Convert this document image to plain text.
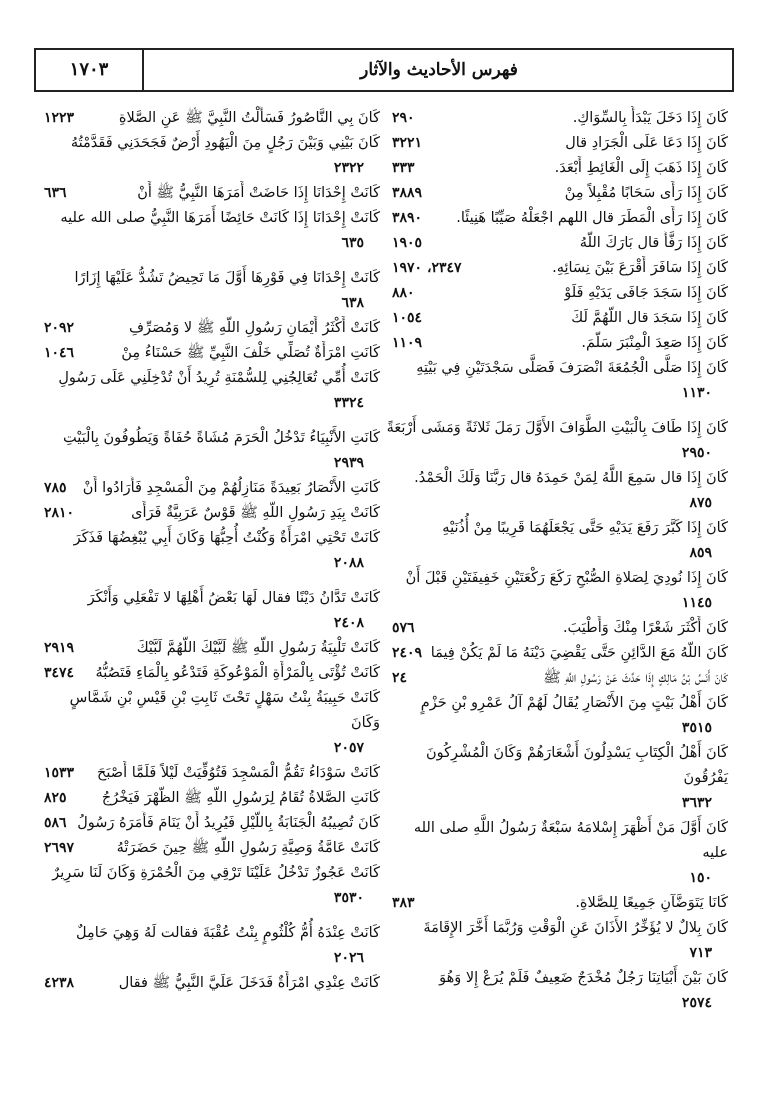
فهرس الأحاديث والآثار
١٧٠٣
كَانَ إِذَا دَخَلَ يَبْدَأُ بِالسِّوَاكِ.
٢٩٠
كَانَ إِذَا دَعَا عَلَى الْجَرَادِ قال
٣٢٢١
كَانَ إِذَا ذَهَبَ إِلَى الْغَائِطِ أَبْعَدَ.
٣٣٣
كَانَ إِذَا رَأَى سَحَابًا مُقْبِلاً مِنْ
٣٨٨٩
كَانَ إِذَا رَأَى الْمَطَرَ قال اللهم اجْعَلْهُ صَيِّبًا هَنِيئًا.
٣٨٩٠
كَانَ إِذَا رَفَّأَ قال بَارَكَ اللَّهُ
١٩٠٥
كَانَ إِذَا سَافَرَ أَقْرَعَ بَيْنَ نِسَائِهِ.
٢٣٤٧، ١٩٧٠
كَانَ إِذَا سَجَدَ جَافَى يَدَيْهِ فَلَوْ
٨٨٠
كَانَ إِذَا سَجَدَ قال اللَّهُمَّ لَكَ
١٠٥٤
كَانَ إِذَا صَعِدَ الْمِنْبَرَ سَلَّمَ.
١١٠٩
كَانَ إِذَا صَلَّى الْجُمُعَةَ انْصَرَفَ فَصَلَّى سَجْدَتَيْنِ فِي بَيْتِهِ
١١٣٠
كَانَ إِذَا طَافَ بِالْبَيْتِ الطَّوَافَ الأَوَّلَ رَمَلَ ثَلاثَةً وَمَشَى أَرْبَعَةً
٢٩٥٠
كَانَ إِذَا قال سَمِعَ اللَّهُ لِمَنْ حَمِدَهُ قال رَبَّنَا وَلَكَ الْحَمْدُ.
٨٧٥
كَانَ إِذَا كَبَّرَ رَفَعَ يَدَيْهِ حَتَّى يَجْعَلَهُمَا قَرِيبًا مِنْ أُذُنَيْهِ
٨٥٩
كَانَ إِذَا نُودِيَ لِصَلاةِ الصُّبْحِ رَكَعَ رَكْعَتَيْنِ خَفِيفَتَيْنِ قَبْلَ أَنْ
١١٤٥
كَانَ أَكْثَرَ شَعْرًا مِنْكَ وَأَطْيَبَ.
٥٧٦
كَانَ اللَّهُ مَعَ الدَّائِنِ حَتَّى يَقْضِيَ دَيْنَهُ مَا لَمْ يَكُنْ فِيمَا
٢٤٠٩
كَانَ أَنَسُ بْنُ مَالِكٍ إِذَا حَدَّثَ عَنْ رَسُولِ اللَّهِ ﷺ
٢٤
كَانَ أَهْلُ بَيْتٍ مِنَ الأَنْصَارِ يُقَالُ لَهُمْ آلُ عَمْرِو بْنِ حَزْمٍ
٣٥١٥
كَانَ أَهْلُ الْكِتَابِ يَسْدِلُونَ أَشْعَارَهُمْ وَكَانَ الْمُشْرِكُونَ يَفْرُقُونَ
٣٦٣٢
كَانَ أَوَّلَ مَنْ أَظْهَرَ إِسْلامَهُ سَبْعَةٌ رَسُولُ اللَّهِ صلى الله عليه
١٥٠
كَانَا يَتَوَضَّآنِ جَمِيعًا لِلصَّلاةِ.
٣٨٣
كَانَ بِلالٌ لا يُؤَخِّرُ الأَذَانَ عَنِ الْوَقْتِ وَرُبَّمَا أَخَّرَ الإِقَامَةَ
٧١٣
كَانَ بَيْنَ أَبْيَاتِنَا رَجُلٌ مُخْدَجٌ ضَعِيفٌ فَلَمْ يُرَعْ إِلا وَهُوَ
٢٥٧٤
كَانَ بِي النَّاصُورُ فَسَأَلْتُ النَّبِيَّ ﷺ عَنِ الصَّلاةِ
١٢٢٣
كَانَ بَيْنِي وَبَيْنَ رَجُلٍ مِنَ الْيَهُودِ أَرْضٌ فَجَحَدَنِي فَقَدَّمْتُهُ
٢٣٢٢
كَانَتْ إِحْدَانَا إِذَا حَاضَتْ أَمَرَهَا النَّبِيُّ ﷺ أَنْ
٦٣٦
كَانَتْ إِحْدَانَا إِذَا كَانَتْ حَائِضًا أَمَرَهَا النَّبِيُّ صلى الله عليه
٦٣٥
كَانَتْ إِحْدَانَا فِي فَوْرِهَا أَوَّلَ مَا تَحِيضُ تَشُدُّ عَلَيْهَا إِزَارًا
٦٣٨
كَانَتْ أَكْثَرُ أَيْمَانِ رَسُولِ اللَّهِ ﷺ لا وَمُصَرِّفِ
٢٠٩٢
كَانَتِ امْرَأَةٌ تُصَلِّي خَلْفَ النَّبِيِّ ﷺ حَسْنَاءُ مِنْ
١٠٤٦
كَانَتْ أُمِّي تُعَالِجُنِي لِلسُّمْنَةِ تُرِيدُ أَنْ تُدْخِلَنِي عَلَى رَسُولِ
٣٣٢٤
كَانَتِ الأَنْبِيَاءُ تَدْخُلُ الْحَرَمَ مُشَاةً حُفَاةً وَيَطُوفُونَ بِالْبَيْتِ
٢٩٣٩
كَانَتِ الأَنْصَارُ بَعِيدَةً مَنَازِلُهُمْ مِنَ الْمَسْجِدِ فَأَرَادُوا أَنْ
٧٨٥
كَانَتْ بِيَدِ رَسُولِ اللَّهِ ﷺ قَوْسٌ عَرَبِيَّةٌ فَرَأَى
٢٨١٠
كَانَتْ تَحْتِي امْرَأَةٌ وَكُنْتُ أُحِبُّهَا وَكَانَ أَبِي يُبْغِضُهَا فَذَكَرَ
٢٠٨٨
كَانَتْ تَدَّانُ دَيْنًا فقال لَهَا بَعْضُ أَهْلِهَا لا تَفْعَلِي وَأَنْكَرَ
٢٤٠٨
كَانَتْ تَلْبِيَةُ رَسُولِ اللَّهِ ﷺ لَبَّيْكَ اللَّهُمَّ لَبَّيْكَ
٢٩١٩
كَانَتْ تُؤْتَى بِالْمَرْأَةِ الْمَوْعُوكَةِ فَتَدْعُو بِالْمَاءِ فَتَصُبُّهُ
٣٤٧٤
كَانَتْ حَبِيبَةُ بِنْتُ سَهْلٍ تَحْتَ ثَابِتِ بْنِ قَيْسِ بْنِ شَمَّاسٍ وَكَانَ
٢٠٥٧
كَانَتْ سَوْدَاءُ تَقُمُّ الْمَسْجِدَ فَتُوُفِّيَتْ لَيْلاً فَلَمَّا أَصْبَحَ
١٥٣٣
كَانَتِ الصَّلاةُ تُقَامُ لِرَسُولِ اللَّهِ ﷺ الظُّهْرَ فَيَخْرُجُ
٨٢٥
كَانَ تُصِيبُهُ الْجَنَابَةُ بِاللَّيْلِ فَيُرِيدُ أَنْ يَنَامَ فَأَمَرَهُ رَسُولُ
٥٨٦
كَانَتْ عَامَّةُ وَصِيَّةِ رَسُولِ اللَّهِ ﷺ حِينَ حَضَرَتْهُ
٢٦٩٧
كَانَتْ عَجُوزٌ تَدْخُلُ عَلَيْنَا تَرْقِي مِنَ الْحُمْرَةِ وَكَانَ لَنَا سَرِيرٌ
٣٥٣٠
كَانَتْ عِنْدَهُ أُمُّ كُلْثُومٍ بِنْتُ عُقْبَةَ فقالت لَهُ وَهِيَ حَامِلٌ
٢٠٢٦
كَانَتْ عِنْدِي امْرَأَةٌ فَدَخَلَ عَلَيَّ النَّبِيُّ ﷺ فقال
٤٢٣٨
